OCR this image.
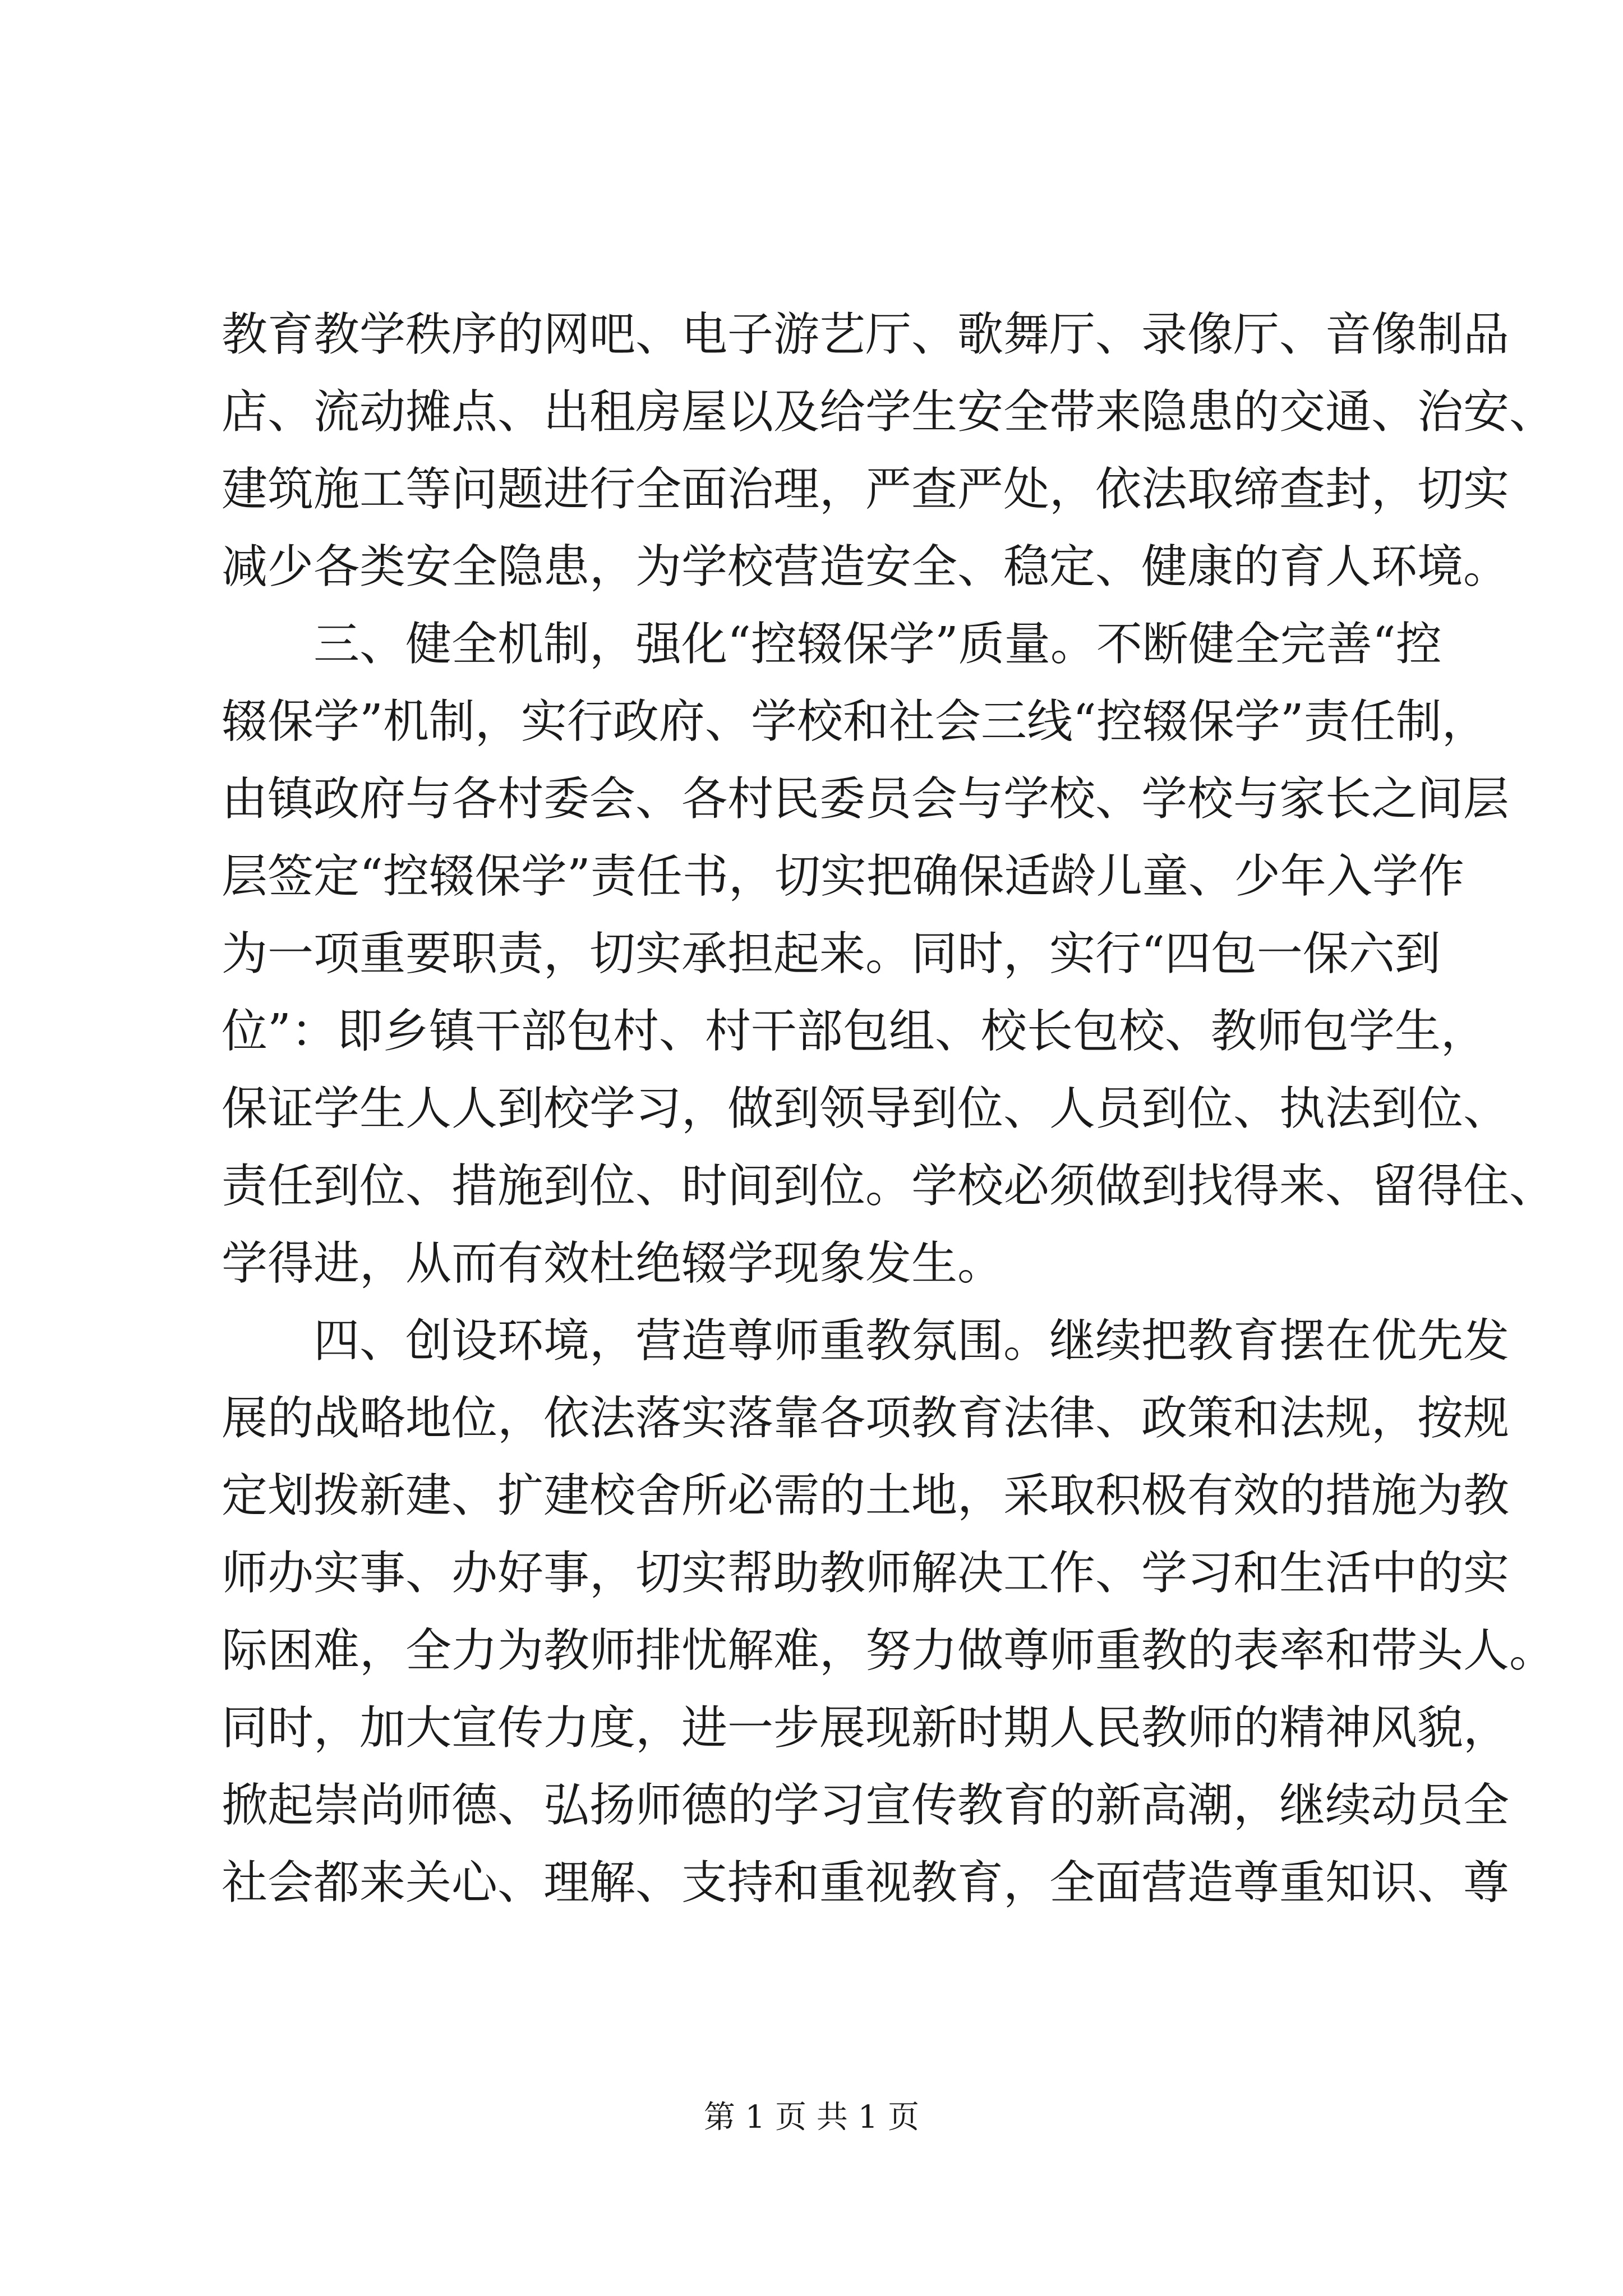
教育教学秩序的网吧、电子游艺厅、歌舞厅、录像厅、音像制品
店、流动摊点、出租房屋以及给学生安全带来隐患的交通、治安、
建筑施工等问题进行全面治理，严查严处，依法取缔查封，切实
减少各类安全隐患，为学校营造安全、稳定、健康的育人环境。
三、健全机制，强化“控辍保学”质量。不断健全完善“控
辍保学”机制，实行政府、学校和社会三线“控辍保学”责任制，
由镇政府与各村委会、各村民委员会与学校、学校与家长之间层
层签定“控辍保学”责任书，切实把确保适龄儿童、少年入学作
为一项重要职责，切实承担起来。同时，实行“四包一保六到
位”：即乡镇干部包村、村干部包组、校长包校、教师包学生，
保证学生人人到校学习，做到领导到位、人员到位、执法到位、
责任到位、措施到位、时间到位。学校必须做到找得来、留得住、
学得进，从而有效杜绝辍学现象发生。
四、创设环境，营造尊师重教氛围。继续把教育摆在优先发
展的战略地位，依法落实落靠各项教育法律、政策和法规，按规
定划拨新建、扩建校舍所必需的土地，采取积极有效的措施为教
师办实事、办好事，切实帮助教师解决工作、学习和生活中的实
际困难，全力为教师排忧解难，努力做尊师重教的表率和带头人。
同时，加大宣传力度，进一步展现新时期人民教师的精神风貌，
掀起崇尚师德、弘扬师德的学习宣传教育的新高潮，继续动员全
社会都来关心、理解、支持和重视教育，全面营造尊重知识、尊
第 1 页 共 1 页
